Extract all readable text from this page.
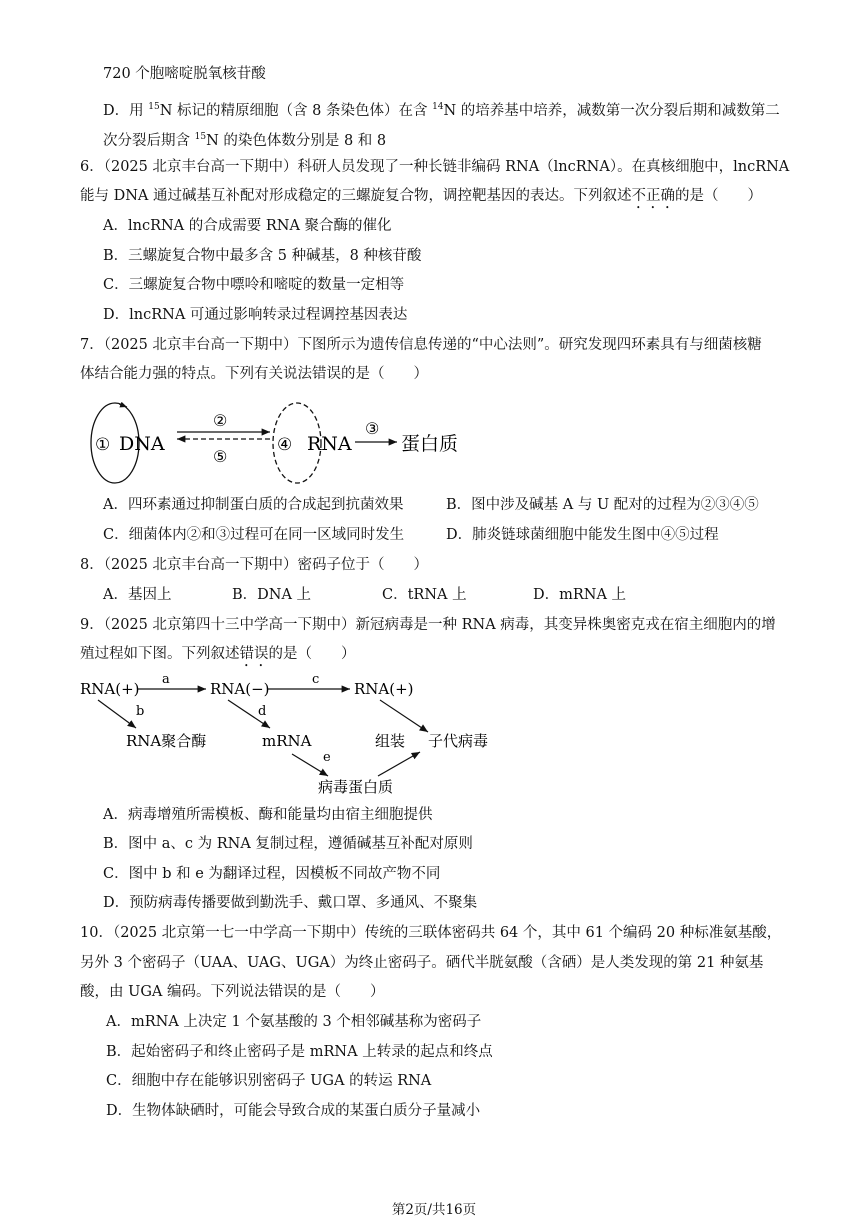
720 个胞嘧啶脱氧核苷酸
D．用 $^{15}$N 标记的精原细胞（含 8 条染色体）在含 $^{14}$N 的培养基中培养，减数第一次分裂后期和减数第二
次分裂后期含 $^{15}$N 的染色体数分别是 8 和 8
6．（2025 北京丰台高一下期中）科研人员发现了一种长链非编码 RNA（lncRNA）。在真核细胞中，lncRNA
能与 DNA 通过碱基互补配对形成稳定的三螺旋复合物，调控靶基因的表达。下列叙述不正确的是（　　）
A．lncRNA 的合成需要 RNA 聚合酶的催化
B．三螺旋复合物中最多含 5 种碱基，8 种核苷酸
C．三螺旋复合物中嘌呤和嘧啶的数量一定相等
D．lncRNA 可通过影响转录过程调控基因表达
7．（2025 北京丰台高一下期中）下图所示为遗传信息传递的“中心法则”。研究发现四环素具有与细菌核糖
体结合能力强的特点。下列有关说法错误的是（　　）
① DNA
②
⑤
④ RNA
③
蛋白质
A．四环素通过抑制蛋白质的合成起到抗菌效果	B．图中涉及碱基 A 与 U 配对的过程为②③④⑤
C．细菌体内②和③过程可在同一区域同时发生	D．肺炎链球菌细胞中能发生图中④⑤过程
8．（2025 北京丰台高一下期中）密码子位于（　　）
A．基因上	B．DNA 上	C．tRNA 上	D．mRNA 上
9．（2025 北京第四十三中学高一下期中）新冠病毒是一种 RNA 病毒，其变异株奥密克戎在宿主细胞内的增
殖过程如下图。下列叙述错误的是（　　）
RNA(+)
a
RNA(−)
c
RNA(+)
b
RNA聚合酶
d
mRNA	组装 子代病毒
e
病毒蛋白质
A．病毒增殖所需模板、酶和能量均由宿主细胞提供
B．图中 a、c 为 RNA 复制过程，遵循碱基互补配对原则
C．图中 b 和 e 为翻译过程，因模板不同故产物不同
D．预防病毒传播要做到勤洗手、戴口罩、多通风、不聚集
10．（2025 北京第一七一中学高一下期中）传统的三联体密码共 64 个，其中 61 个编码 20 种标准氨基酸，
另外 3 个密码子（UAA、UAG、UGA）为终止密码子。硒代半胱氨酸（含硒）是人类发现的第 21 种氨基
酸，由 UGA 编码。下列说法错误的是（　　）
A．mRNA 上决定 1 个氨基酸的 3 个相邻碱基称为密码子
B．起始密码子和终止密码子是 mRNA 上转录的起点和终点
C．细胞中存在能够识别密码子 UGA 的转运 RNA
D．生物体缺硒时，可能会导致合成的某蛋白质分子量减小
第2页/共16页
